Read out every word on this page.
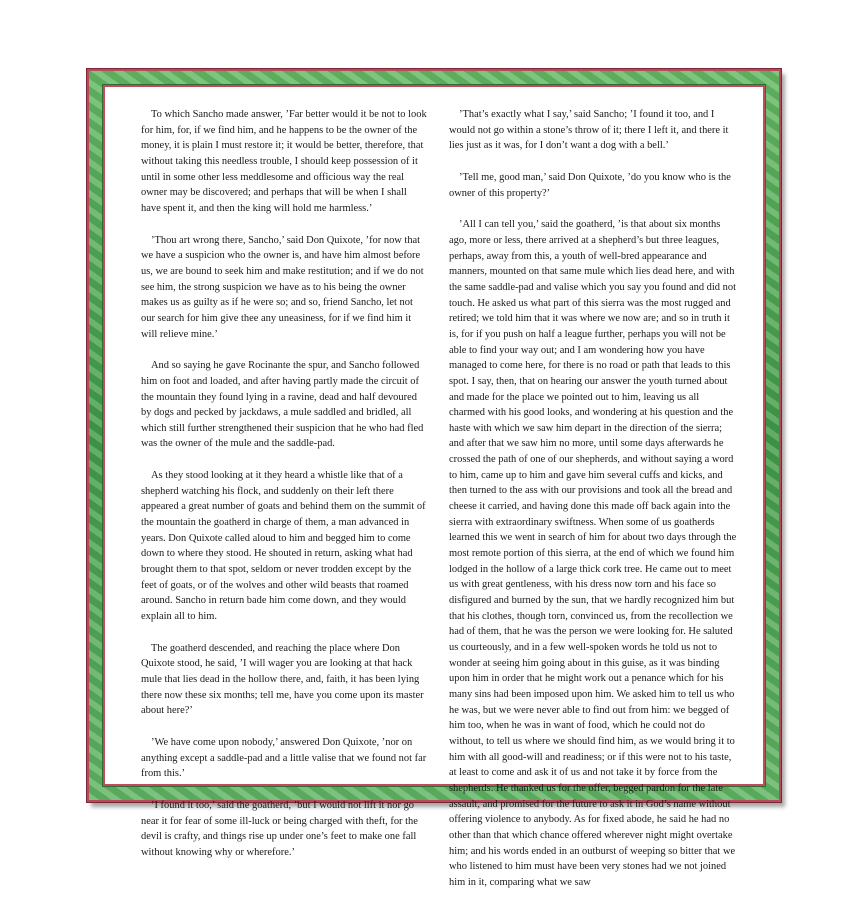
To which Sancho made answer, ’Far better would it be not to look for him, for, if we find him, and he happens to be the owner of the money, it is plain I must restore it; it would be better, therefore, that without taking this needless trouble, I should keep possession of it until in some other less meddlesome and officious way the real owner may be discovered; and perhaps that will be when I shall have spent it, and then the king will hold me harmless.’

’Thou art wrong there, Sancho,’ said Don Quixote, ’for now that we have a suspicion who the owner is, and have him almost before us, we are bound to seek him and make restitution; and if we do not see him, the strong suspicion we have as to his being the owner makes us as guilty as if he were so; and so, friend Sancho, let not our search for him give thee any uneasiness, for if we find him it will relieve mine.’

And so saying he gave Rocinante the spur, and Sancho followed him on foot and loaded, and after having partly made the circuit of the mountain they found lying in a ravine, dead and half devoured by dogs and pecked by jackdaws, a mule saddled and bridled, all which still further strengthened their suspicion that he who had fled was the owner of the mule and the saddle-pad.

As they stood looking at it they heard a whistle like that of a shepherd watching his flock, and suddenly on their left there appeared a great number of goats and behind them on the summit of the mountain the goatherd in charge of them, a man advanced in years. Don Quixote called aloud to him and begged him to come down to where they stood. He shouted in return, asking what had brought them to that spot, seldom or never trodden except by the feet of goats, or of the wolves and other wild beasts that roamed around. Sancho in return bade him come down, and they would explain all to him.

The goatherd descended, and reaching the place where Don Quixote stood, he said, ’I will wager you are looking at that hack mule that lies dead in the hollow there, and, faith, it has been lying there now these six months; tell me, have you come upon its master about here?’

’We have come upon nobody,’ answered Don Quixote, ’nor on anything except a saddle-pad and a little valise that we found not far from this.’

’I found it too,’ said the goatherd, ’but I would not lift it nor go near it for fear of some ill-luck or being charged with theft, for the devil is crafty, and things rise up under one’s feet to make one fall without knowing why or wherefore.’

’That’s exactly what I say,’ said Sancho; ’I found it too, and I would not go within a stone’s throw of it; there I left it, and there it lies just as it was, for I don’t want a dog with a bell.’

’Tell me, good man,’ said Don Quixote, ’do you know who is the owner of this property?’

’All I can tell you,’ said the goatherd, ’is that about six months ago, more or less, there arrived at a shepherd’s but three leagues, perhaps, away from this, a youth of well-bred appearance and manners, mounted on that same mule which lies dead here, and with the same saddle-pad and valise which you say you found and did not touch. He asked us what part of this sierra was the most rugged and retired; we told him that it was where we now are; and so in truth it is, for if you push on half a league further, perhaps you will not be able to find your way out; and I am wondering how you have managed to come here, for there is no road or path that leads to this spot. I say, then, that on hearing our answer the youth turned about and made for the place we pointed out to him, leaving us all charmed with his good looks, and wondering at his question and the haste with which we saw him depart in the direction of the sierra; and after that we saw him no more, until some days afterwards he crossed the path of one of our shepherds, and without saying a word to him, came up to him and gave him several cuffs and kicks, and then turned to the ass with our provisions and took all the bread and cheese it carried, and having done this made off back again into the sierra with extraordinary swiftness. When some of us goatherds learned this we went in search of him for about two days through the most remote portion of this sierra, at the end of which we found him lodged in the hollow of a large thick cork tree. He came out to meet us with great gentleness, with his dress now torn and his face so disfigured and burned by the sun, that we hardly recognized him but that his clothes, though torn, convinced us, from the recollection we had of them, that he was the person we were looking for. He saluted us courteously, and in a few well-spoken words he told us not to wonder at seeing him going about in this guise, as it was binding upon him in order that he might work out a penance which for his many sins had been imposed upon him. We asked him to tell us who he was, but we were never able to find out from him: we begged of him too, when he was in want of food, which he could not do without, to tell us where we should find him, as we would bring it to him with all good-will and readiness; or if this were not to his taste, at least to come and ask it of us and not take it by force from the shepherds. He thanked us for the offer, begged pardon for the late assault, and promised for the future to ask it in God’s name without offering violence to anybody. As for fixed abode, he said he had no other than that which chance offered wherever night might overtake him; and his words ended in an outburst of weeping so bitter that we who listened to him must have been very stones had we not joined him in it, comparing what we saw
